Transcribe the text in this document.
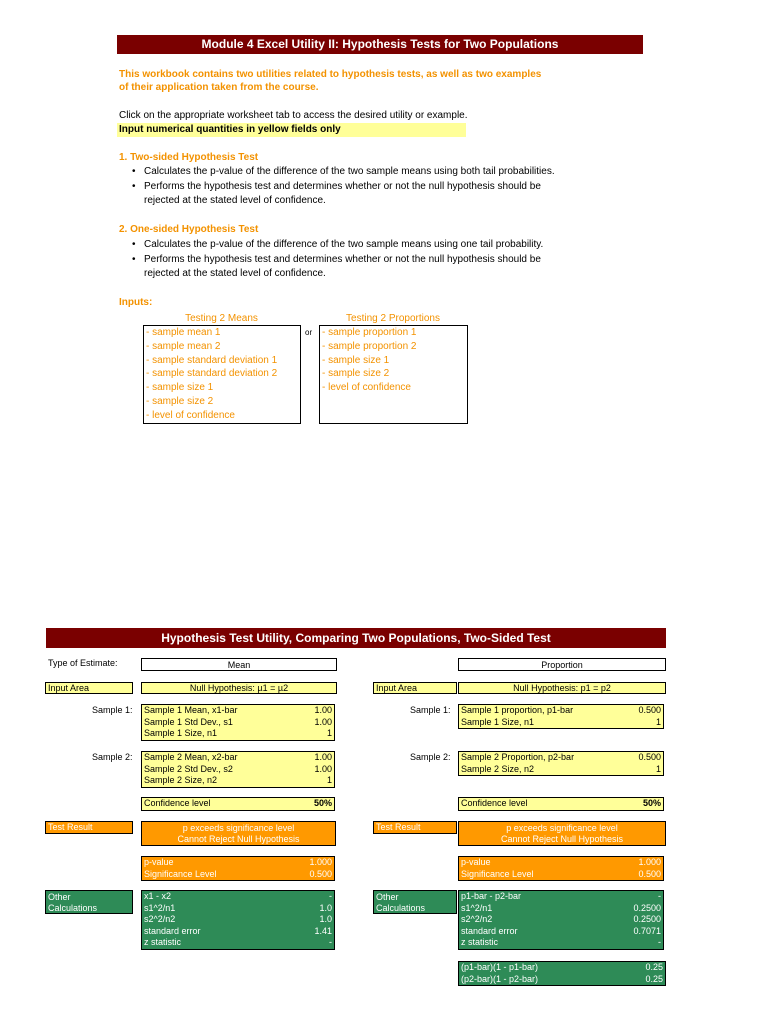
Module 4 Excel Utility II: Hypothesis Tests for Two Populations
This workbook contains two utilities related to hypothesis tests, as well as two examples
of their application taken from the course.
Click on the appropriate worksheet tab to access the desired utility or example.
Input numerical quantities in yellow fields only
1. Two-sided Hypothesis Test
• Calculates the p-value of the difference of the two sample means using both tail probabilities.
• Performs the hypothesis test and determines whether or not the null hypothesis should be
rejected at the stated level of confidence.
2. One-sided Hypothesis Test
• Calculates the p-value of the difference of the two sample means using one tail probability.
• Performs the hypothesis test and determines whether or not the null hypothesis should be
rejected at the stated level of confidence.
Inputs:
Testing 2 Means	Testing 2 Proportions
- sample mean 1
- sample mean 2
- sample standard deviation 1
- sample standard deviation 2
- sample size 1
- sample size 2
- level of confidence
or - sample proportion 1
- sample proportion 2
- sample size 1
- sample size 2
- level of confidence
Hypothesis Test Utility, Comparing Two Populations, Two-Sided Test
Type of Estimate:	Mean	Proportion
Input Area	Null Hypothesis: µ1 = µ2	Input Area	Null Hypothesis: p1 = p2
Sample 1:
Sample 2:
Sample 1:
Sample 2:
Sample 1 Mean, x1-bar	1.00
Sample 1 Std Dev., s1	1.00
Sample 1 Size, n1	1
Sample 2 Mean, x2-bar	1.00
Sample 2 Std Dev., s2	1.00
Sample 2 Size, n2	1
Sample 1 proportion, p1-bar	0.500
Sample 1 Size, n1	1
Sample 2 Proportion, p2-bar	0.500
Sample 2 Size, n2	1
Confidence level	50%	Confidence level	50%
Test Result	p exceeds significance level
Cannot Reject Null Hypothesis
Test Result	p exceeds significance level
Cannot Reject Null Hypothesis
p-value	1.000
Significance Level	0.500
p-value	1.000
Significance Level	0.500
Other
Calculations
x1 - x2	-
s1^2/n1	1.0
s2^2/n2	1.0
standard error	1.41
z statistic	-
Other
Calculations
p1-bar - p2-bar	-
s1^2/n1	0.2500
s2^2/n2	0.2500
standard error	0.7071
z statistic	-
(p1-bar)(1 - p1-bar)	0.25
(p2-bar)(1 - p2-bar)	0.25
